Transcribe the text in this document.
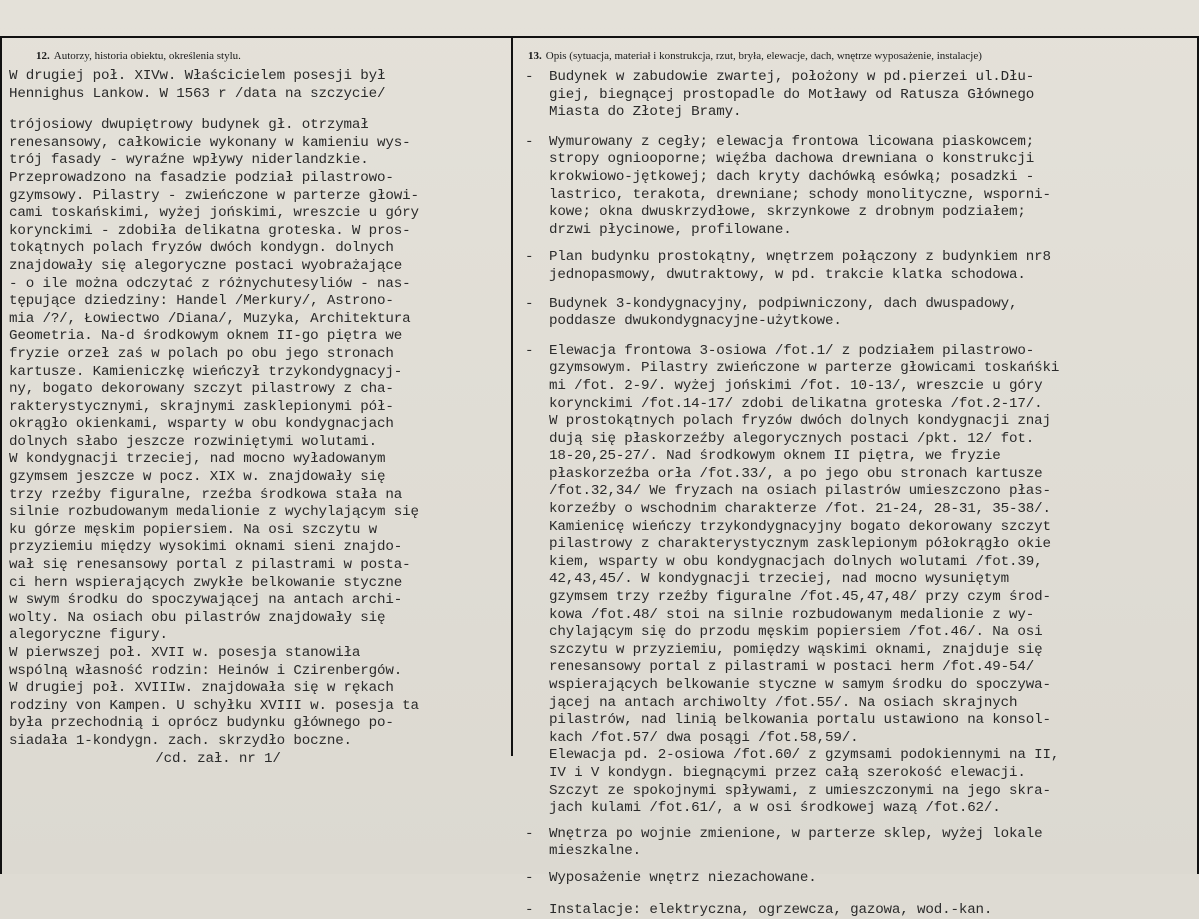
12. Autorzy, historia obiektu, określenia stylu.	13. Opis (sytuacja, materiał i konstrukcja, rzut, bryła, elewacje, dach, wnętrze wyposażenie, instalacje)
W drugiej poł. XIVw. Właścicielem posesji był
Hennighus Lankow. W 1563 r /data na szczycie/
trójosiowy dwupiętrowy budynek gł. otrzymał
renesansowy, całkowicie wykonany w kamieniu wys-
trój fasady - wyraźne wpływy niderlandzkie.
Przeprowadzono na fasadzie podział pilastrowo-
gzymsowy. Pilastry - zwieńczone w parterze głowi-
cami toskańskimi, wyżej jońskimi, wreszcie u góry
korynckimi - zdobiła delikatna groteska. W pros-
tokątnych polach fryzów dwóch kondygn. dolnych
znajdowały się alegoryczne postaci wyobrażające
- o ile można odczytać z różnychutesyliów - nas-
tępujące dziedziny: Handel /Merkury/, Astrono-
mia /?/, Łowiectwo /Diana/, Muzyka, Architektura
Geometria. Na-d środkowym oknem II-go piętra we
fryzie orzeł zaś w polach po obu jego stronach
kartusze. Kamieniczkę wieńczył trzykondygnacyj-
ny, bogato dekorowany szczyt pilastrowy z cha-
rakterystycznymi, skrajnymi zasklepionymi pół-
okrągło okienkami, wsparty w obu kondygnacjach
dolnych słabo jeszcze rozwiniętymi wolutami.
W kondygnacji trzeciej, nad mocno wyładowanym
gzymsem jeszcze w pocz. XIX w. znajdowały się
trzy rzeźby figuralne, rzeźba środkowa stała na
silnie rozbudowanym medalionie z wychylającym się
ku górze męskim popiersiem. Na osi szczytu w
przyziemiu między wysokimi oknami sieni znajdo-
wał się renesansowy portal z pilastrami w posta-
ci hern wspierających zwykłe belkowanie styczne
w swym środku do spoczywającej na antach archi-
wolty. Na osiach obu pilastrów znajdowały się
alegoryczne figury.
W pierwszej poł. XVII w. posesja stanowiła
wspólną własność rodzin: Heinów i Czirenbergów.
W drugiej poł. XVIIIw. znajdowała się w rękach
rodziny von Kampen. U schyłku XVIII w. posesja ta
była przechodnią i oprócz budynku głównego po-
siadała 1-kondygn. zach. skrzydło boczne.
/cd. zał. nr 1/
- Budynek w zabudowie zwartej, położony w pd.pierzei ul.Dłu-
giej, biegnącej prostopadle do Motławy od Ratusza Głównego
Miasta do Złotej Bramy.
- Wymurowany z cegły; elewacja frontowa licowana piaskowcem;
stropy ogniooporne; więźba dachowa drewniana o konstrukcji
krokwiowo-jętkowej; dach kryty dachówką esówką; posadzki -
lastrico, terakota, drewniane; schody monolityczne, wsporni-
kowe; okna dwuskrzydłowe, skrzynkowe z drobnym podziałem;
drzwi płycinowe, profilowane.
- Plan budynku prostokątny, wnętrzem połączony z budynkiem nr8
jednopasmowy, dwutraktowy, w pd. trakcie klatka schodowa.
- Budynek 3-kondygnacyjny, podpiwniczony, dach dwuspadowy,
poddasze dwukondygnacyjne-użytkowe.
- Elewacja frontowa 3-osiowa /fot.1/ z podziałem pilastrowo-
gzymsowym. Pilastry zwieńczone w parterze głowicami toskańśki
mi /fot. 2-9/. wyżej jońskimi /fot. 10-13/, wreszcie u góry
korynckimi /fot.14-17/ zdobi delikatna groteska /fot.2-17/.
W prostokątnych polach fryzów dwóch dolnych kondygnacji znaj
dują się płaskorzeźby alegorycznych postaci /pkt. 12/ fot.
18-20,25-27/. Nad środkowym oknem II piętra, we fryzie
płaskorzeźba orła /fot.33/, a po jego obu stronach kartusze
/fot.32,34/ We fryzach na osiach pilastrów umieszczono płas-
korzeźby o wschodnim charakterze /fot. 21-24, 28-31, 35-38/.
Kamienicę wieńczy trzykondygnacyjny bogato dekorowany szczyt
pilastrowy z charakterystycznym zasklepionym półokrągło okie
kiem, wsparty w obu kondygnacjach dolnych wolutami /fot.39,
42,43,45/. W kondygnacji trzeciej, nad mocno wysuniętym
gzymsem trzy rzeźby figuralne /fot.45,47,48/ przy czym środ-
kowa /fot.48/ stoi na silnie rozbudowanym medalionie z wy-
chylającym się do przodu męskim popiersiem /fot.46/. Na osi
szczytu w przyziemiu, pomiędzy wąskimi oknami, znajduje się
renesansowy portal z pilastrami w postaci herm /fot.49-54/
wspierających belkowanie styczne w samym środku do spoczywa-
jącej na antach archiwolty /fot.55/. Na osiach skrajnych
pilastrów, nad linią belkowania portalu ustawiono na konsol-
kach /fot.57/ dwa posągi /fot.58,59/.
Elewacja pd. 2-osiowa /fot.60/ z gzymsami podokiennymi na II,
IV i V kondygn. biegnącymi przez całą szerokość elewacji.
Szczyt ze spokojnymi spływami, z umieszczonymi na jego skra-
jach kulami /fot.61/, a w osi środkowej wazą /fot.62/.
- Wnętrza po wojnie zmienione, w parterze sklep, wyżej lokale
mieszkalne.
- Wyposażenie wnętrz niezachowane.
- Instalacje: elektryczna, ogrzewcza, gazowa, wod.-kan.
